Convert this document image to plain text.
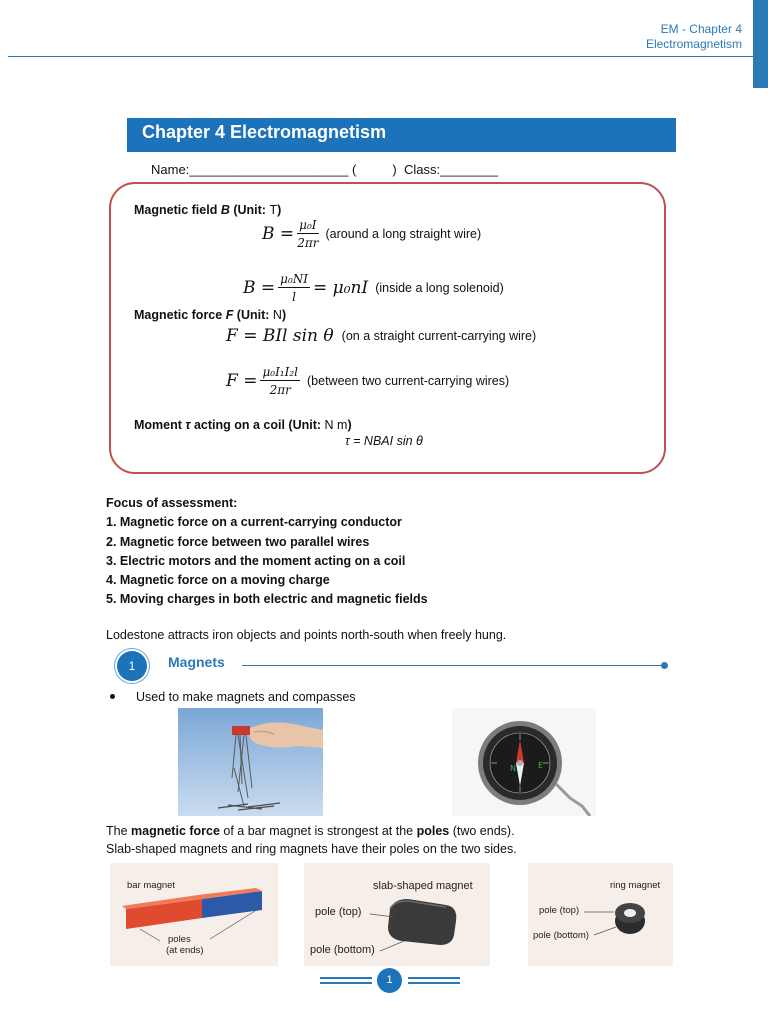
EM - Chapter 4
Electromagnetism
Chapter 4 Electromagnetism
Name:______________________ (          )  Class:________
Magnetic field B (Unit: T)
$B = \frac{\text{μ₀I}}{2\pi r}$ (around a long straight wire)
$B = \frac{\text{μ₀NI}}{l} = \mu_0nI$ (inside a long solenoid)
Magnetic force F (Unit: N)
F = BIl sin θ (on a straight current-carrying wire)
$F = \frac{\text{μ₀I₁I₂l}}{2\pi r}$ (between two current-carrying wires)
Moment τ acting on a coil (Unit: N m)
τ = NBAI sin θ
Focus of assessment:
1. Magnetic force on a current-carrying conductor
2. Magnetic force between two parallel wires
3. Electric motors and the moment acting on a coil
4. Magnetic force on a moving charge
5. Moving charges in both electric and magnetic fields
Lodestone attracts iron objects and points north-south when freely hung.
1	Magnets
Used to make magnets and compasses
N	E
The magnetic force of a bar magnet is strongest at the poles (two ends).
Slab-shaped magnets and ring magnets have their poles on the two sides.
bar magnet
poles
(at ends)
slab-shaped magnet
pole (top)
pole (bottom)
ring magnet
pole (top)
pole (bottom)
1
